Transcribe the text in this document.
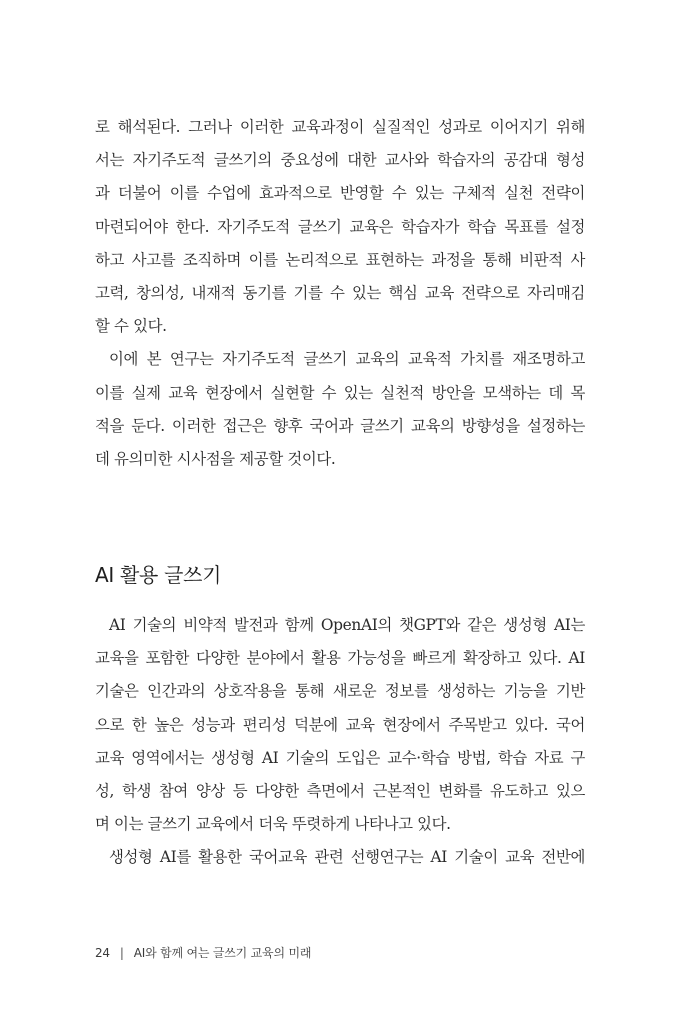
로 해석된다. 그러나 이러한 교육과정이 실질적인 성과로 이어지기 위해
서는 자기주도적 글쓰기의 중요성에 대한 교사와 학습자의 공감대 형성
과 더불어 이를 수업에 효과적으로 반영할 수 있는 구체적 실천 전략이
마련되어야 한다. 자기주도적 글쓰기 교육은 학습자가 학습 목표를 설정
하고 사고를 조직하며 이를 논리적으로 표현하는 과정을 통해 비판적 사
고력, 창의성, 내재적 동기를 기를 수 있는 핵심 교육 전략으로 자리매김
할 수 있다.
이에 본 연구는 자기주도적 글쓰기 교육의 교육적 가치를 재조명하고
이를 실제 교육 현장에서 실현할 수 있는 실천적 방안을 모색하는 데 목
적을 둔다. 이러한 접근은 향후 국어과 글쓰기 교육의 방향성을 설정하는
데 유의미한 시사점을 제공할 것이다.
AI 활용 글쓰기
AI 기술의 비약적 발전과 함께 OpenAI의 챗GPT와 같은 생성형 AI는
교육을 포함한 다양한 분야에서 활용 가능성을 빠르게 확장하고 있다. AI
기술은 인간과의 상호작용을 통해 새로운 정보를 생성하는 기능을 기반
으로 한 높은 성능과 편리성 덕분에 교육 현장에서 주목받고 있다. 국어
교육 영역에서는 생성형 AI 기술의 도입은 교수·학습 방법, 학습 자료 구
성, 학생 참여 양상 등 다양한 측면에서 근본적인 변화를 유도하고 있으
며 이는 글쓰기 교육에서 더욱 뚜렷하게 나타나고 있다.
생성형 AI를 활용한 국어교육 관련 선행연구는 AI 기술이 교육 전반에
24 | AI와 함께 여는 글쓰기 교육의 미래
